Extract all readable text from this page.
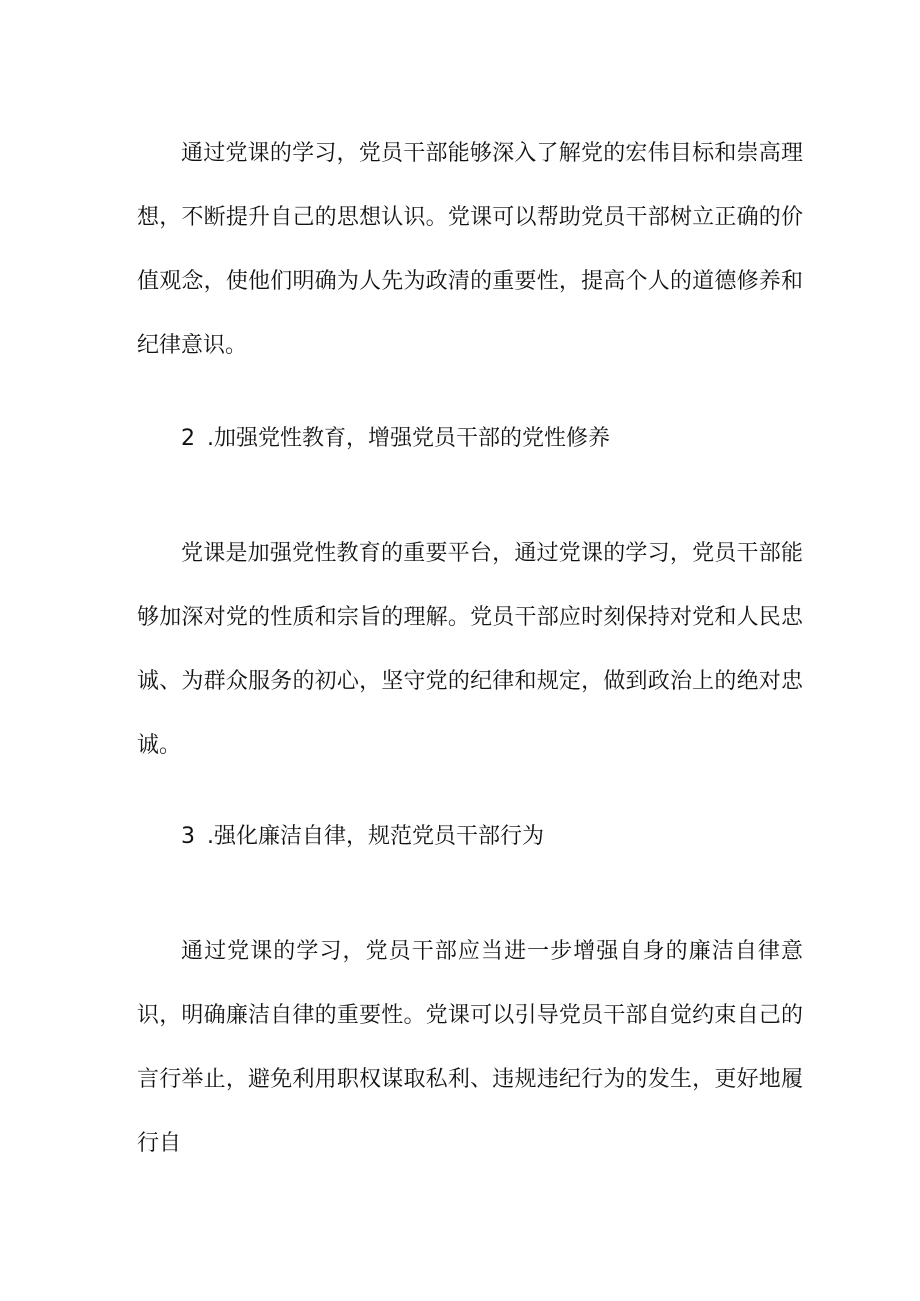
通过党课的学习，党员干部能够深入了解党的宏伟目标和崇高理想，不断提升自己的思想认识。党课可以帮助党员干部树立正确的价值观念，使他们明确为人先为政清的重要性，提高个人的道德修养和纪律意识。

2 .加强党性教育，增强党员干部的党性修养

党课是加强党性教育的重要平台，通过党课的学习，党员干部能够加深对党的性质和宗旨的理解。党员干部应时刻保持对党和人民忠诚、为群众服务的初心，坚守党的纪律和规定，做到政治上的绝对忠诚。

3 .强化廉洁自律，规范党员干部行为

通过党课的学习，党员干部应当进一步增强自身的廉洁自律意识，明确廉洁自律的重要性。党课可以引导党员干部自觉约束自己的言行举止，避免利用职权谋取私利、违规违纪行为的发生，更好地履行自
